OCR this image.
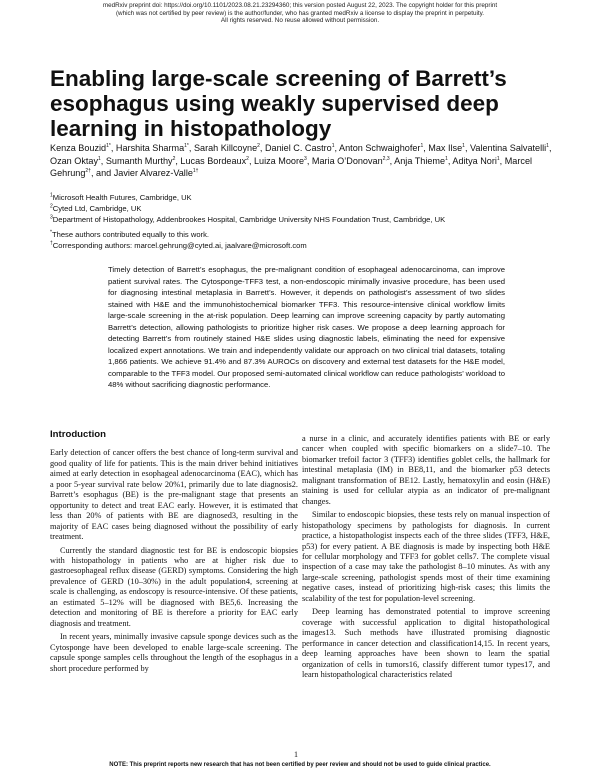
medRxiv preprint doi: https://doi.org/10.1101/2023.08.21.23294360; this version posted August 22, 2023. The copyright holder for this preprint
(which was not certified by peer review) is the author/funder, who has granted medRxiv a license to display the preprint in perpetuity.
All rights reserved. No reuse allowed without permission.
Enabling large-scale screening of Barrett’s esophagus using weakly supervised deep learning in histopathology
Kenza Bouzid$^{1*}$, Harshita Sharma$^{1*}$, Sarah Killcoyne$^2$, Daniel C. Castro$^1$, Anton Schwaighofer$^1$, Max Ilse$^1$, Valentina Salvatelli$^1$, Ozan Oktay$^1$, Sumanth Murthy$^2$, Lucas Bordeaux$^2$, Luiza Moore$^3$, Maria O’Donovan$^{2,3}$, Anja Thieme$^1$, Aditya Nori$^1$, Marcel Gehrung$^{2\dagger}$, and Javier Alvarez-Valle$^{1\dagger}$
$^1$Microsoft Health Futures, Cambridge, UK
$^2$Cyted Ltd, Cambridge, UK
$^3$Department of Histopathology, Addenbrookes Hospital, Cambridge University NHS Foundation Trust, Cambridge, UK
*These authors contributed equally to this work.
†Corresponding authors: marcel.gehrung@cyted.ai, jaalvare@microsoft.com

Timely detection of Barrett’s esophagus, the pre-malignant condition of esophageal adenocarcinoma, can improve patient survival rates. The Cytosponge-TFF3 test, a non-endoscopic minimally invasive procedure, has been used for diagnosing intestinal metaplasia in Barrett’s. However, it depends on pathologist’s assessment of two slides stained with H&E and the immunohistochemical biomarker TFF3. This resource-intensive clinical workflow limits large-scale screening in the at-risk population. Deep learning can improve screening capacity by partly automating Barrett’s detection, allowing pathologists to prioritize higher risk cases. We propose a deep learning approach for detecting Barrett’s from routinely stained H&E slides using diagnostic labels, eliminating the need for expensive localized expert annotations. We train and independently validate our approach on two clinical trial datasets, totaling 1,866 patients. We achieve 91.4% and 87.3% AUROCs on discovery and external test datasets for the H&E model, comparable to the TFF3 model. Our proposed semi-automated clinical workflow can reduce pathologists’ workload to 48% without sacrificing diagnostic performance.

Introduction

Early detection of cancer offers the best chance of long-term survival and good quality of life for patients. This is the main driver behind initiatives aimed at early detection in esophageal adenocarcinoma (EAC), which has a poor 5-year survival rate below 20%1, primarily due to late diagnosis2. Barrett’s esophagus (BE) is the pre-malignant stage that presents an opportunity to detect and treat EAC early. However, it is estimated that less than 20% of patients with BE are diagnosed3, resulting in the majority of EAC cases being diagnosed without the possibility of early treatment.

Currently the standard diagnostic test for BE is endoscopic biopsies with histopathology in patients who are at higher risk due to gastroesophageal reflux disease (GERD) symptoms. Considering the high prevalence of GERD (10–30%) in the adult population4, screening at scale is challenging, as endoscopy is resource-intensive. Of these patients, an estimated 5–12% will be diagnosed with BE5,6. Increasing the detection and monitoring of BE is therefore a priority for EAC early diagnosis and treatment.

In recent years, minimally invasive capsule sponge devices such as the Cytosponge have been developed to enable large-scale screening. The capsule sponge samples cells throughout the length of the esophagus in a short procedure performed by

a nurse in a clinic, and accurately identifies patients with BE or early cancer when coupled with specific biomarkers on a slide7–10. The biomarker trefoil factor 3 (TFF3) identifies goblet cells, the hallmark for intestinal metaplasia (IM) in BE8,11, and the biomarker p53 detects malignant transformation of BE12. Lastly, hematoxylin and eosin (H&E) staining is used for cellular atypia as an indicator of pre-malignant changes.

Similar to endoscopic biopsies, these tests rely on manual inspection of histopathology specimens by pathologists for diagnosis. In current practice, a histopathologist inspects each of the three slides (TFF3, H&E, p53) for every patient. A BE diagnosis is made by inspecting both H&E for cellular morphology and TFF3 for goblet cells7. The complete visual inspection of a case may take the pathologist 8–10 minutes. As with any large-scale screening, pathologist spends most of their time examining negative cases, instead of prioritizing high-risk cases; this limits the scalability of the test for population-level screening.

Deep learning has demonstrated potential to improve screening coverage with successful application to digital histopathological images13. Such methods have illustrated promising diagnostic performance in cancer detection and classification14,15. In recent years, deep learning approaches have been shown to learn the spatial organization of cells in tumors16, classify different tumor types17, and learn histopathological characteristics related

1
NOTE: This preprint reports new research that has not been certified by peer review and should not be used to guide clinical practice.
